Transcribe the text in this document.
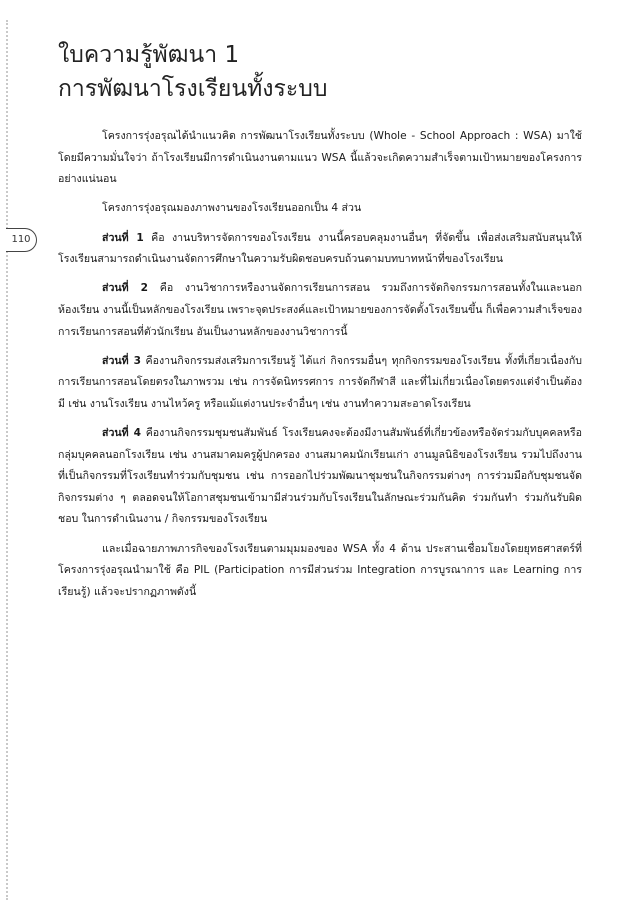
110
ใบความรู้พัฒนา 1
การพัฒนาโรงเรียนทั้งระบบ

โครงการรุ่งอรุณได้นำแนวคิด การพัฒนาโรงเรียนทั้งระบบ (Whole - School Approach : WSA) มาใช้ โดยมีความมั่นใจว่า ถ้าโรงเรียนมีการดำเนินงานตามแนว WSA นี้แล้วจะเกิดความสำเร็จตามเป้าหมายของโครงการอย่างแน่นอน

โครงการรุ่งอรุณมองภาพงานของโรงเรียนออกเป็น 4 ส่วน

ส่วนที่ 1 คือ งานบริหารจัดการของโรงเรียน งานนี้ครอบคลุมงานอื่นๆ ที่จัดขึ้น เพื่อส่งเสริมสนับสนุนให้โรงเรียนสามารถดำเนินงานจัดการศึกษาในความรับผิดชอบครบถ้วนตามบทบาทหน้าที่ของโรงเรียน

ส่วนที่ 2 คือ งานวิชาการหรืองานจัดการเรียนการสอน รวมถึงการจัดกิจกรรมการสอนทั้งในและนอกห้องเรียน งานนี้เป็นหลักของโรงเรียน เพราะจุดประสงค์และเป้าหมายของการจัดตั้งโรงเรียนขึ้น ก็เพื่อความสำเร็จของการเรียนการสอนที่ตัวนักเรียน อันเป็นงานหลักของงานวิชาการนี้

ส่วนที่ 3 คืองานกิจกรรมส่งเสริมการเรียนรู้ ได้แก่ กิจกรรมอื่นๆ ทุกกิจกรรมของโรงเรียน ทั้งที่เกี่ยวเนื่องกับการเรียนการสอนโดยตรงในภาพรวม เช่น การจัดนิทรรศการ การจัดกีฬาสี และที่ไม่เกี่ยวเนื่องโดยตรงแต่จำเป็นต้องมี เช่น งานโรงเรียน งานไหว้ครู หรือแม้แต่งานประจำอื่นๆ เช่น งานทำความสะอาดโรงเรียน

ส่วนที่ 4 คืองานกิจกรรมชุมชนสัมพันธ์ โรงเรียนคงจะต้องมีงานสัมพันธ์ที่เกี่ยวข้องหรือจัดร่วมกับบุคคลหรือกลุ่มบุคคลนอกโรงเรียน เช่น งานสมาคมครูผู้ปกครอง งานสมาคมนักเรียนเก่า งานมูลนิธิของโรงเรียน รวมไปถึงงานที่เป็นกิจกรรมที่โรงเรียนทำร่วมกับชุมชน เช่น การออกไปร่วมพัฒนาชุมชนในกิจกรรมต่างๆ การร่วมมือกับชุมชนจัดกิจกรรมต่าง ๆ ตลอดจนให้โอกาสชุมชนเข้ามามีส่วนร่วมกับโรงเรียนในลักษณะร่วมกันคิด ร่วมกันทำ ร่วมกันรับผิดชอบ ในการดำเนินงาน / กิจกรรมของโรงเรียน

และเมื่อฉายภาพภารกิจของโรงเรียนตามมุมมองของ WSA ทั้ง 4 ด้าน ประสานเชื่อมโยงโดยยุทธศาสตร์ที่โครงการรุ่งอรุณนำมาใช้ คือ PIL (Participation การมีส่วนร่วม Integration การบูรณาการ และ Learning การเรียนรู้) แล้วจะปรากฏภาพดังนี้
